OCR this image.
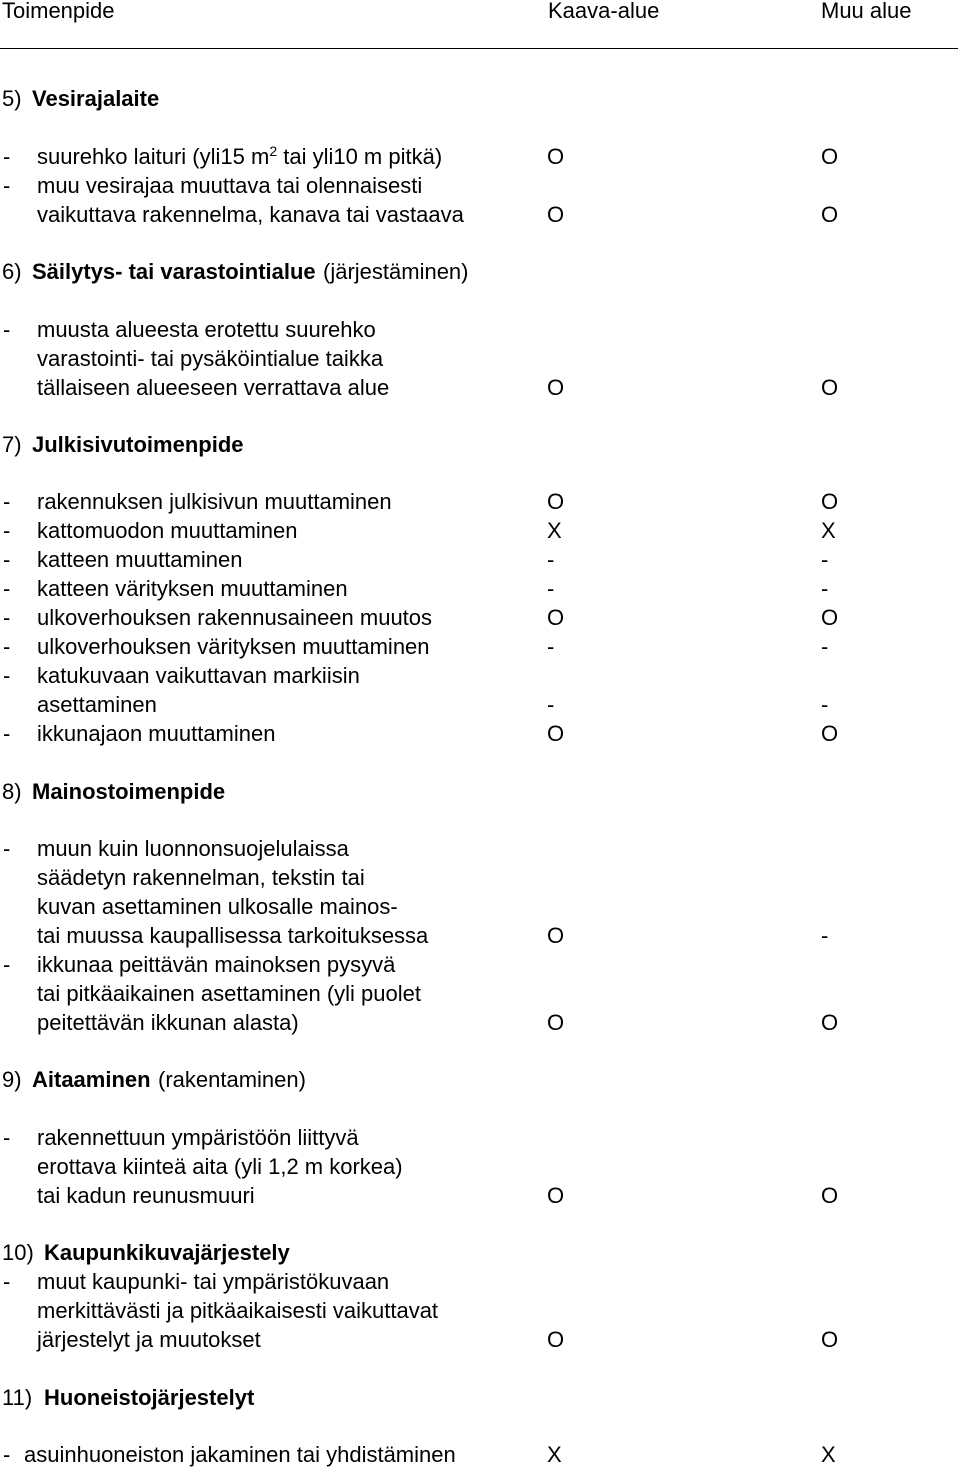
Toimenpide	Kaava-alue	Muu alue
5) Vesirajalaite
- suurehko laituri (yli15 $m^2$ tai yli10 m pitkä)	O	O
- muu vesirajaa muuttava tai olennaisesti
vaikuttava rakennelma, kanava tai vastaava	O	O
6) Säilytys- tai varastointialue (järjestäminen)
- muusta alueesta erotettu suurehko
varastointi- tai pysäköintialue taikka
tällaiseen alueeseen verrattava alue	O	O
7) Julkisivutoimenpide
- rakennuksen julkisivun muuttaminen	O	O
- kattomuodon muuttaminen	X	X
- katteen muuttaminen	-	-
- katteen värityksen muuttaminen	-	-
- ulkoverhouksen rakennusaineen muutos	O	O
- ulkoverhouksen värityksen muuttaminen	-	-
- katukuvaan vaikuttavan markiisin
asettaminen	-	-
- ikkunajaon muuttaminen	O	O
8) Mainostoimenpide
- muun kuin luonnonsuojelulaissa
säädetyn rakennelman, tekstin tai
kuvan asettaminen ulkosalle mainos-
tai muussa kaupallisessa tarkoituksessa	O	-
- ikkunaa peittävän mainoksen pysyvä
tai pitkäaikainen asettaminen (yli puolet
peitettävän ikkunan alasta)	O	O
9) Aitaaminen (rakentaminen)
- rakennettuun ympäristöön liittyvä
erottava kiinteä aita (yli 1,2 m korkea)
tai kadun reunusmuuri	O	O
10) Kaupunkikuvajärjestely
- muut kaupunki- tai ympäristökuvaan
merkittävästi ja pitkäaikaisesti vaikuttavat
järjestelyt ja muutokset	O	O
11) Huoneistojärjestelyt
- asuinhuoneiston jakaminen tai yhdistäminen	X	X
